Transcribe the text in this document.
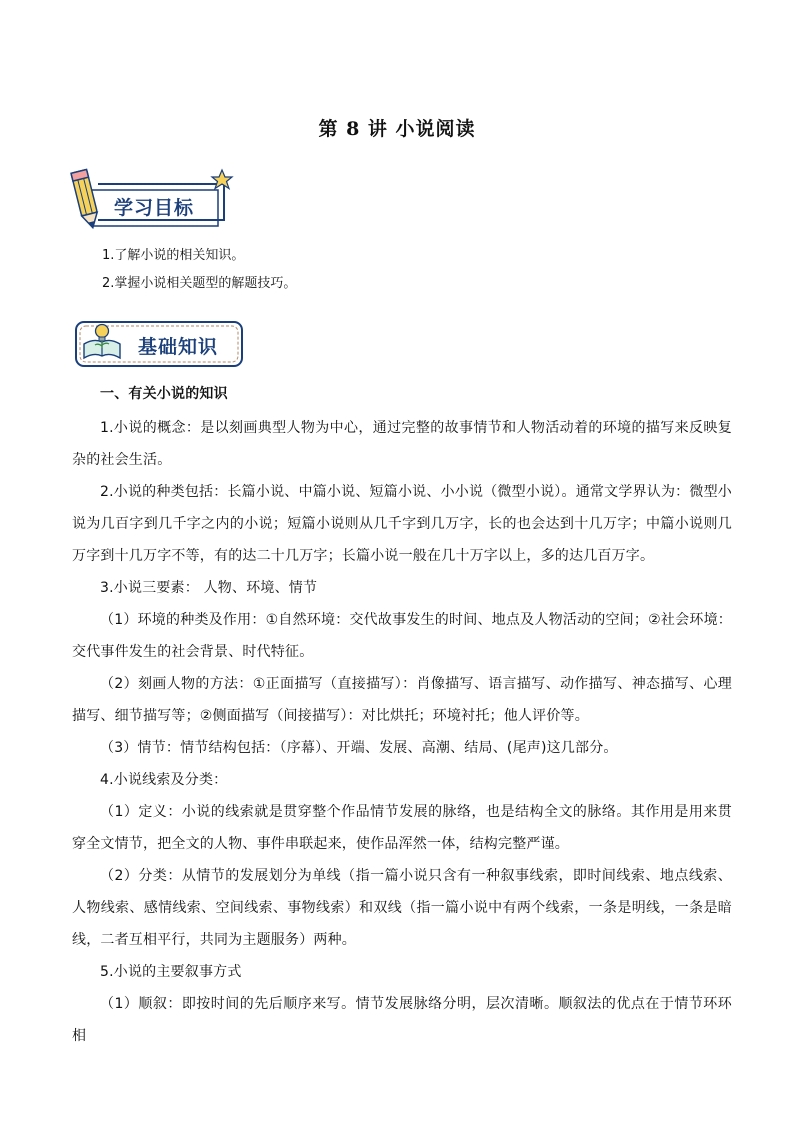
第 8 讲 小说阅读
学习目标
1.了解小说的相关知识。
2.掌握小说相关题型的解题技巧。
基础知识
一、有关小说的知识

1.小说的概念：是以刻画典型人物为中心，通过完整的故事情节和人物活动着的环境的描写来反映复杂的社会生活。

2.小说的种类包括：长篇小说、中篇小说、短篇小说、小小说（微型小说）。通常文学界认为：微型小说为几百字到几千字之内的小说；短篇小说则从几千字到几万字，长的也会达到十几万字；中篇小说则几万字到十几万字不等，有的达二十几万字；长篇小说一般在几十万字以上，多的达几百万字。

3.小说三要素： 人物、环境、情节

（1）环境的种类及作用：①自然环境：交代故事发生的时间、地点及人物活动的空间；②社会环境：交代事件发生的社会背景、时代特征。

（2）刻画人物的方法：①正面描写（直接描写）：肖像描写、语言描写、动作描写、神态描写、心理描写、细节描写等；②侧面描写（间接描写）：对比烘托；环境衬托；他人评价等。

（3）情节：情节结构包括：（序幕）、开端、发展、高潮、结局、(尾声)这几部分。

4.小说线索及分类：

（1）定义：小说的线索就是贯穿整个作品情节发展的脉络，也是结构全文的脉络。其作用是用来贯穿全文情节，把全文的人物、事件串联起来，使作品浑然一体，结构完整严谨。

（2）分类：从情节的发展划分为单线（指一篇小说只含有一种叙事线索，即时间线索、地点线索、人物线索、感情线索、空间线索、事物线索）和双线（指一篇小说中有两个线索，一条是明线，一条是暗线，二者互相平行，共同为主题服务）两种。

5.小说的主要叙事方式

（1）顺叙：即按时间的先后顺序来写。情节发展脉络分明，层次清晰。顺叙法的优点在于情节环环相
